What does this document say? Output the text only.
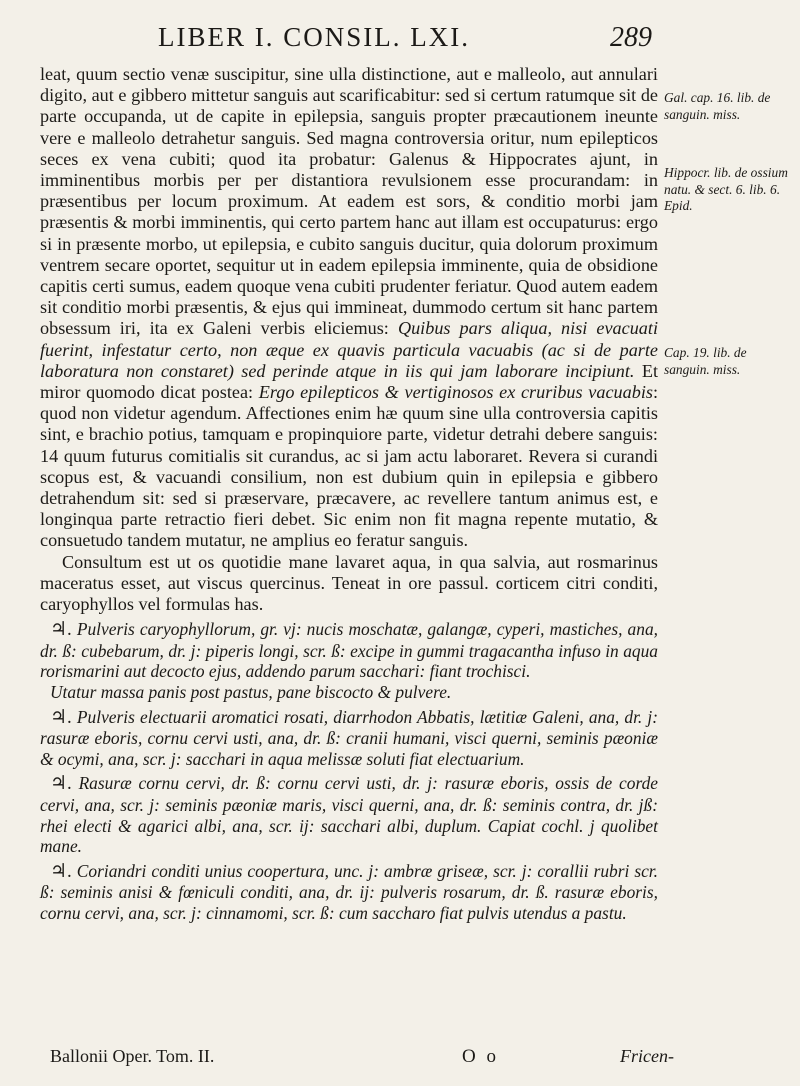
LIBER I. CONSIL. LXI.	289

leat, quum sectio venæ suscipitur, sine ulla distinctione, aut e malleolo, aut annulari digito, aut e gibbero mittetur sanguis aut scarificabitur: sed si certum ratumque sit de parte occupanda, ut de capite in epilepsia, sanguis propter præcautionem ineunte vere e malleolo detrahetur sanguis. Sed magna controversia oritur, num epilepticos seces ex vena cubiti; quod ita probatur: Galenus & Hippocrates ajunt, in imminentibus morbis per per distantiora revulsionem esse procurandam: in præsentibus per locum proximum. At eadem est sors, & conditio morbi jam præsentis & morbi imminentis, qui certo partem hanc aut illam est occupaturus: ergo si in præsente morbo, ut epilepsia, e cubito sanguis ducitur, quia dolorum proximum ventrem secare oportet, sequitur ut in eadem epilepsia imminente, quia de obsidione capitis certi sumus, eadem quoque vena cubiti prudenter feriatur. Quod autem eadem sit conditio morbi præsentis, & ejus qui immineat, dummodo certum sit hanc partem obsessum iri, ita ex Galeni verbis eliciemus: Quibus pars aliqua, nisi evacuati fuerint, infestatur certo, non æque ex quavis particula vacuabis (ac si de parte laboratura non constaret) sed perinde atque in iis qui jam laborare incipiunt. Et miror quomodo dicat postea: Ergo epilepticos & vertiginosos ex cruribus vacuabis: quod non videtur agendum. Affectiones enim hæ quum sine ulla controversia capitis sint, e brachio potius, tamquam e propinquiore parte, videtur detrahi debere sanguis: 14 quum futurus comitialis sit curandus, ac si jam actu laboraret. Revera si curandi scopus est, & vacuandi consilium, non est dubium quin in epilepsia e gibbero detrahendum sit: sed si præservare, præcavere, ac revellere tantum animus est, e longinqua parte retractio fieri debet. Sic enim non fit magna repente mutatio, & consuetudo tandem mutatur, ne amplius eo feratur sanguis.

Consultum est ut os quotidie mane lavaret aqua, in qua salvia, aut rosmarinus maceratus esset, aut viscus quercinus. Teneat in ore passul. corticem citri conditi, caryophyllos vel formulas has.

♃. Pulveris caryophyllorum, gr. vj: nucis moschatæ, galangæ, cyperi, mastiches, ana, dr. ß: cubebarum, dr. j: piperis longi, scr. ß: excipe in gummi tragacantha infuso in aqua rorismarini aut decocto ejus, addendo parum sacchari: fiant trochisci.

Utatur massa panis post pastus, pane biscocto & pulvere.

♃. Pulveris electuarii aromatici rosati, diarrhodon Abbatis, lætitiæ Galeni, ana, dr. j: rasuræ eboris, cornu cervi usti, ana, dr. ß: cranii humani, visci querni, seminis pæoniæ & ocymi, ana, scr. j: sacchari in aqua melissæ soluti fiat electuarium.

♃. Rasuræ cornu cervi, dr. ß: cornu cervi usti, dr. j: rasuræ eboris, ossis de corde cervi, ana, scr. j: seminis pæoniæ maris, visci querni, ana, dr. ß: seminis contra, dr. jß: rhei electi & agarici albi, ana, scr. ij: sacchari albi, duplum. Capiat cochl. j quolibet mane.

♃. Coriandri conditi unius coopertura, unc. j: ambræ griseæ, scr. j: corallii rubri scr. ß: seminis anisi & fœniculi conditi, ana, dr. ij: pulveris rosarum, dr. ß. rasuræ eboris, cornu cervi, ana, scr. j: cinnamomi, scr. ß: cum saccharo fiat pulvis utendus a pastu.

Gal. cap. 16. lib. de sanguin. miss.
Hippocr. lib. de ossium natu. & sect. 6. lib. 6. Epid.
Cap. 19. lib. de sanguin. miss.
Ballonii Oper. Tom. II.	O o	Fricen-
